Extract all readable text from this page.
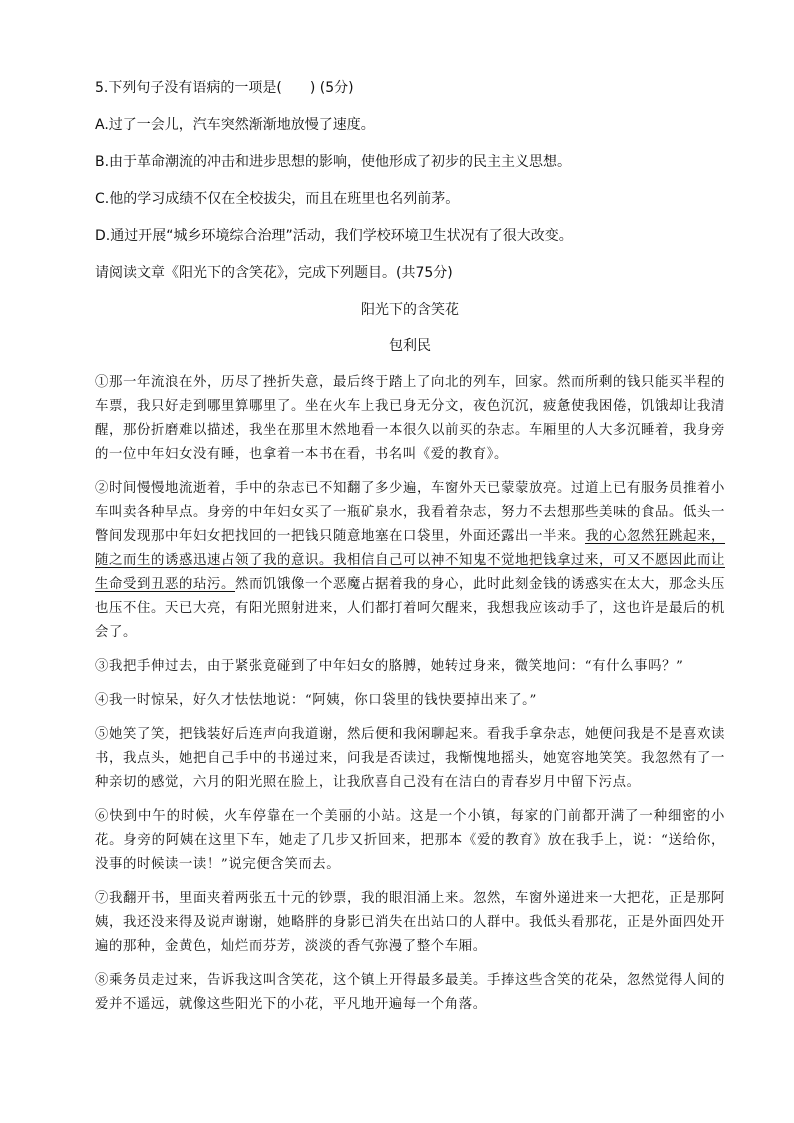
5.下列句子没有语病的一项是( ) (5分)

A.过了一会儿，汽车突然渐渐地放慢了速度。

B.由于革命潮流的冲击和进步思想的影响，使他形成了初步的民主主义思想。

C.他的学习成绩不仅在全校拔尖，而且在班里也名列前茅。

D.通过开展“城乡环境综合治理”活动，我们学校环境卫生状况有了很大改变。

请阅读文章《阳光下的含笑花》，完成下列题目。(共75分)

阳光下的含笑花

包利民

①那一年流浪在外，历尽了挫折失意，最后终于踏上了向北的列车，回家。然而所剩的钱只能买半程的车票，我只好走到哪里算哪里了。坐在火车上我已身无分文，夜色沉沉，疲惫使我困倦，饥饿却让我清醒，那份折磨难以描述，我坐在那里木然地看一本很久以前买的杂志。车厢里的人大多沉睡着，我身旁的一位中年妇女没有睡，也拿着一本书在看，书名叫《爱的教育》。

②时间慢慢地流逝着，手中的杂志已不知翻了多少遍，车窗外天已蒙蒙放亮。过道上已有服务员推着小车叫卖各种早点。身旁的中年妇女买了一瓶矿泉水，我看着杂志，努力不去想那些美味的食品。低头一瞥间发现那中年妇女把找回的一把钱只随意地塞在口袋里，外面还露出一半来。我的心忽然狂跳起来，随之而生的诱惑迅速占领了我的意识。我相信自己可以神不知鬼不觉地把钱拿过来，可又不愿因此而让生命受到丑恶的玷污。然而饥饿像一个恶魔占据着我的身心，此时此刻金钱的诱惑实在太大，那念头压也压不住。天已大亮，有阳光照射进来，人们都打着呵欠醒来，我想我应该动手了，这也许是最后的机会了。

③我把手伸过去，由于紧张竟碰到了中年妇女的胳膊，她转过身来，微笑地问：“有什么事吗？”

④我一时惊呆，好久才怯怯地说：“阿姨，你口袋里的钱快要掉出来了。”

⑤她笑了笑，把钱装好后连声向我道谢，然后便和我闲聊起来。看我手拿杂志，她便问我是不是喜欢读书，我点头，她把自己手中的书递过来，问我是否读过，我惭愧地摇头，她宽容地笑笑。我忽然有了一种亲切的感觉，六月的阳光照在脸上，让我欣喜自己没有在洁白的青春岁月中留下污点。

⑥快到中午的时候，火车停靠在一个美丽的小站。这是一个小镇，每家的门前都开满了一种细密的小花。身旁的阿姨在这里下车，她走了几步又折回来，把那本《爱的教育》放在我手上，说：“送给你，没事的时候读一读！”说完便含笑而去。

⑦我翻开书，里面夹着两张五十元的钞票，我的眼泪涌上来。忽然，车窗外递进来一大把花，正是那阿姨，我还没来得及说声谢谢，她略胖的身影已消失在出站口的人群中。我低头看那花，正是外面四处开遍的那种，金黄色，灿烂而芬芳，淡淡的香气弥漫了整个车厢。

⑧乘务员走过来，告诉我这叫含笑花，这个镇上开得最多最美。手捧这些含笑的花朵，忽然觉得人间的爱并不遥远，就像这些阳光下的小花，平凡地开遍每一个角落。
